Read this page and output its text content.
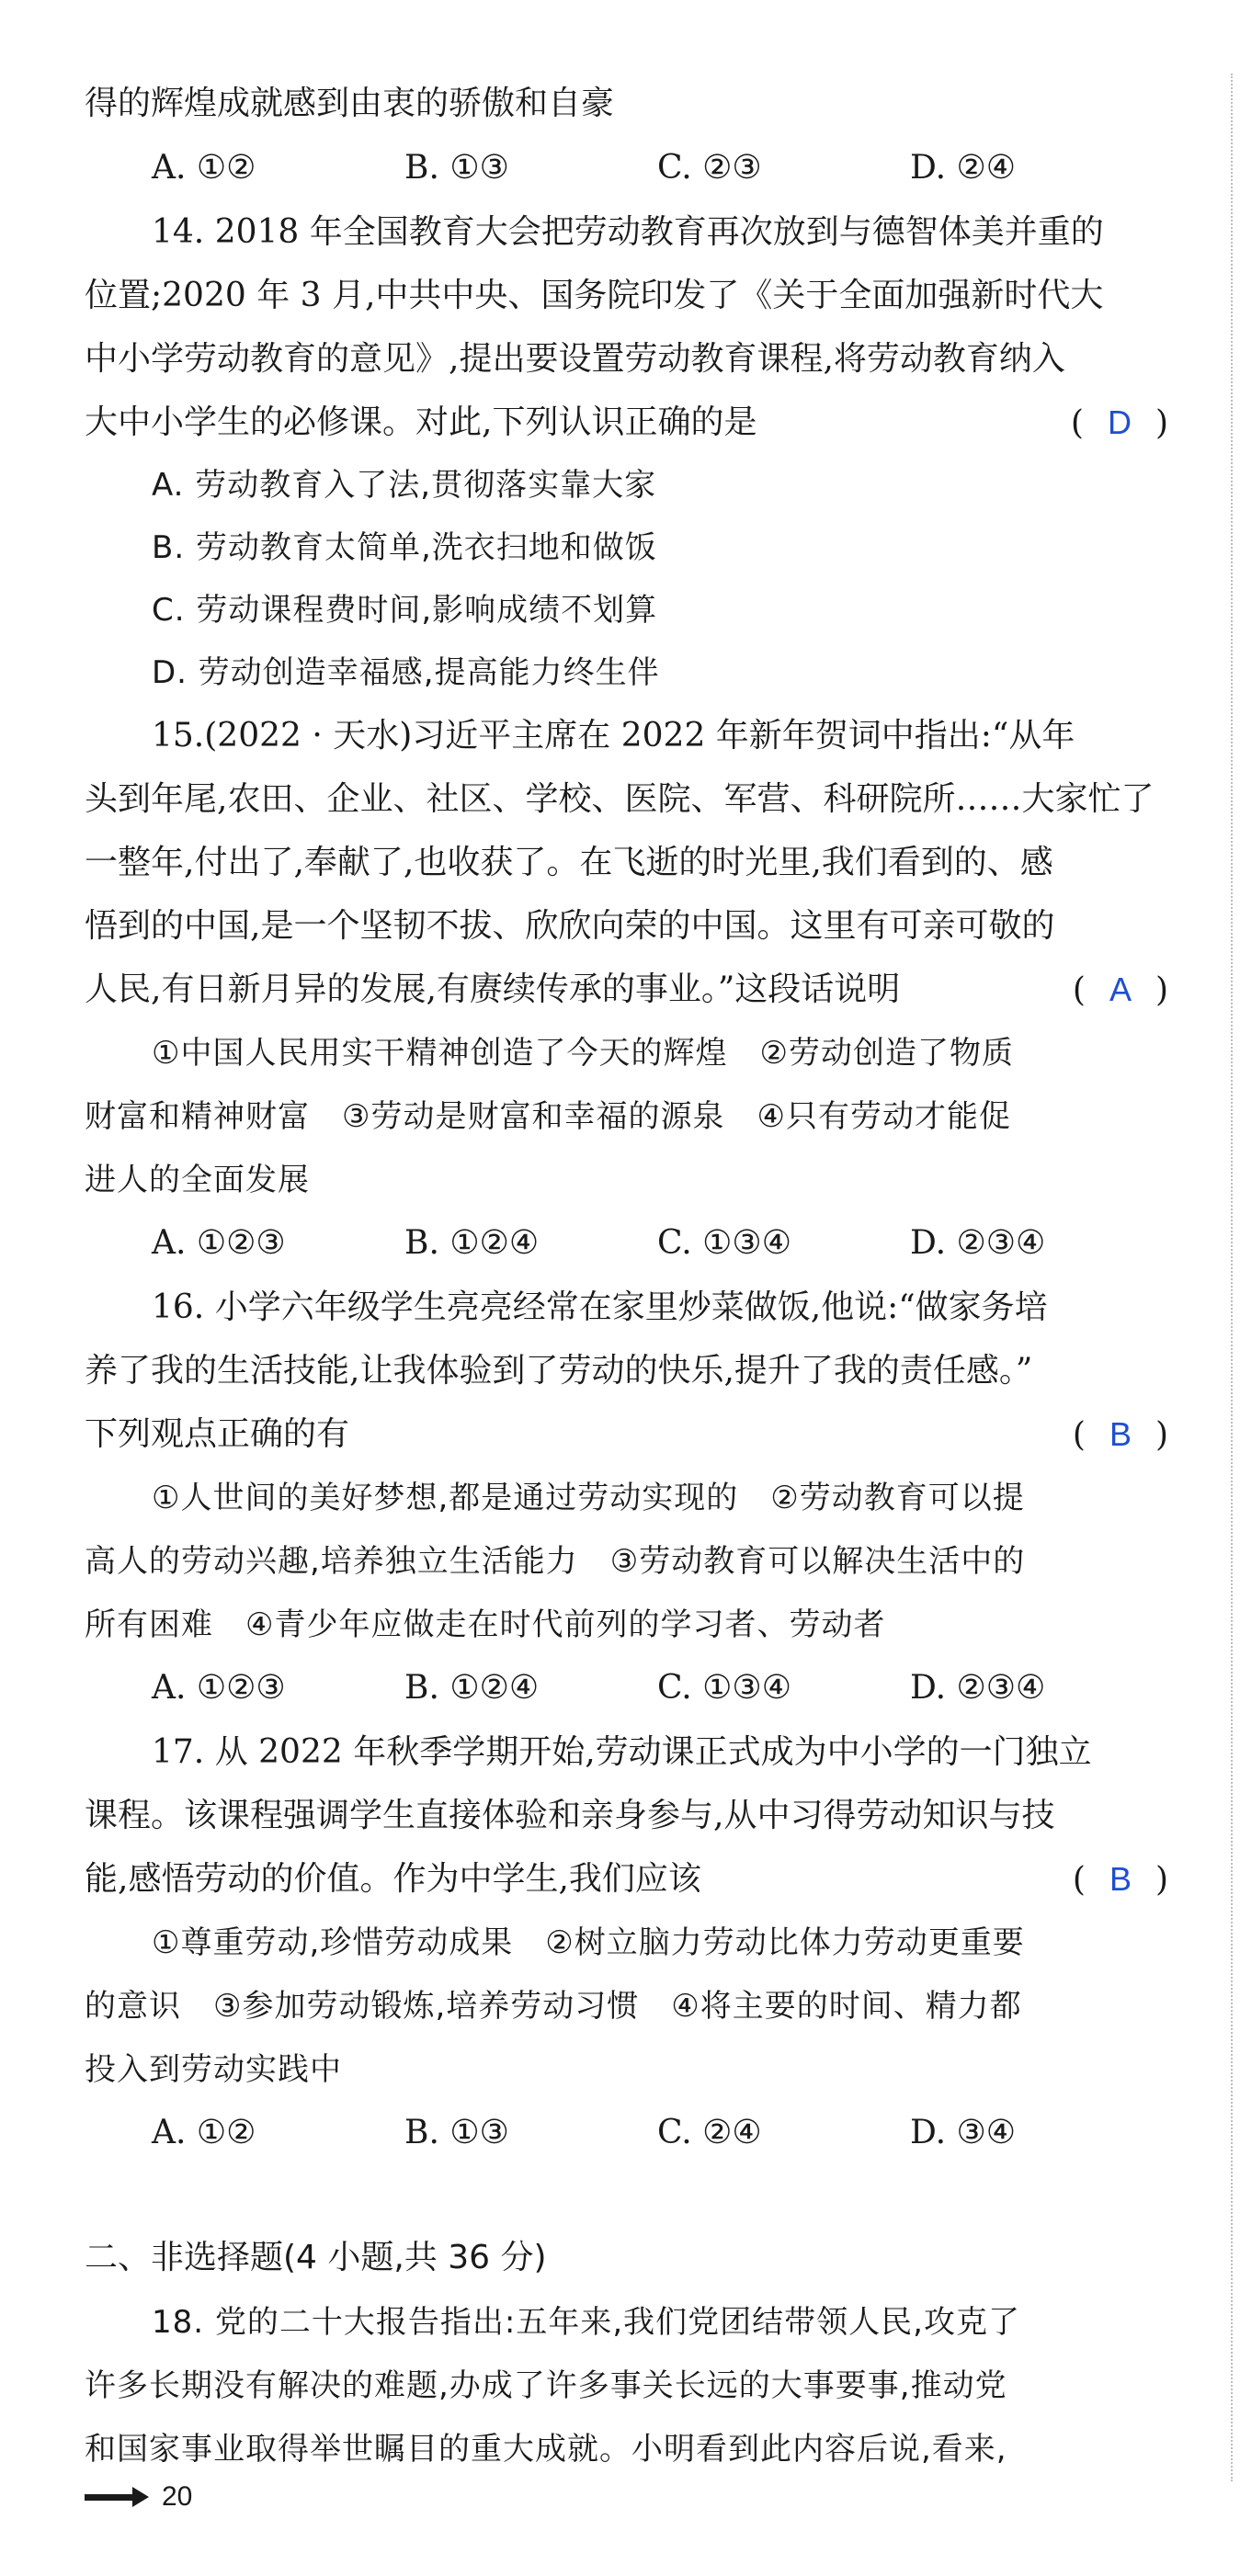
得的辉煌成就感到由衷的骄傲和自豪
A. ①②	B. ①③	C. ②③	D. ②④
14. 2018 年全国教育大会把劳动教育再次放到与德智体美并重的
位置;2020 年 3 月,中共中央、国务院印发了《关于全面加强新时代大
中小学劳动教育的意见》,提出要设置劳动教育课程,将劳动教育纳入
大中小学生的必修课。对此,下列认识正确的是	( D )
A. 劳动教育入了法,贯彻落实靠大家
B. 劳动教育太简单,洗衣扫地和做饭
C. 劳动课程费时间,影响成绩不划算
D. 劳动创造幸福感,提高能力终生伴
15.(2022 · 天水)习近平主席在 2022 年新年贺词中指出:“从年
头到年尾,农田、企业、社区、学校、医院、军营、科研院所……大家忙了
一整年,付出了,奉献了,也收获了。在飞逝的时光里,我们看到的、感
悟到的中国,是一个坚韧不拔、欣欣向荣的中国。这里有可亲可敬的
人民,有日新月异的发展,有赓续传承的事业。”这段话说明	( A )
①中国人民用实干精神创造了今天的辉煌　②劳动创造了物质
财富和精神财富　③劳动是财富和幸福的源泉　④只有劳动才能促
进人的全面发展
A. ①②③	B. ①②④	C. ①③④	D. ②③④
16. 小学六年级学生亮亮经常在家里炒菜做饭,他说:“做家务培
养了我的生活技能,让我体验到了劳动的快乐,提升了我的责任感。”
下列观点正确的有	( B )
①人世间的美好梦想,都是通过劳动实现的　②劳动教育可以提
高人的劳动兴趣,培养独立生活能力　③劳动教育可以解决生活中的
所有困难　④青少年应做走在时代前列的学习者、劳动者
A. ①②③	B. ①②④	C. ①③④	D. ②③④
17. 从 2022 年秋季学期开始,劳动课正式成为中小学的一门独立
课程。该课程强调学生直接体验和亲身参与,从中习得劳动知识与技
能,感悟劳动的价值。作为中学生,我们应该	( B )
①尊重劳动,珍惜劳动成果　②树立脑力劳动比体力劳动更重要
的意识　③参加劳动锻炼,培养劳动习惯　④将主要的时间、精力都
投入到劳动实践中
A. ①②	B. ①③	C. ②④	D. ③④
二、非选择题(4 小题,共 36 分)
18. 党的二十大报告指出:五年来,我们党团结带领人民,攻克了
许多长期没有解决的难题,办成了许多事关长远的大事要事,推动党
和国家事业取得举世瞩目的重大成就。小明看到此内容后说,看来,
20
